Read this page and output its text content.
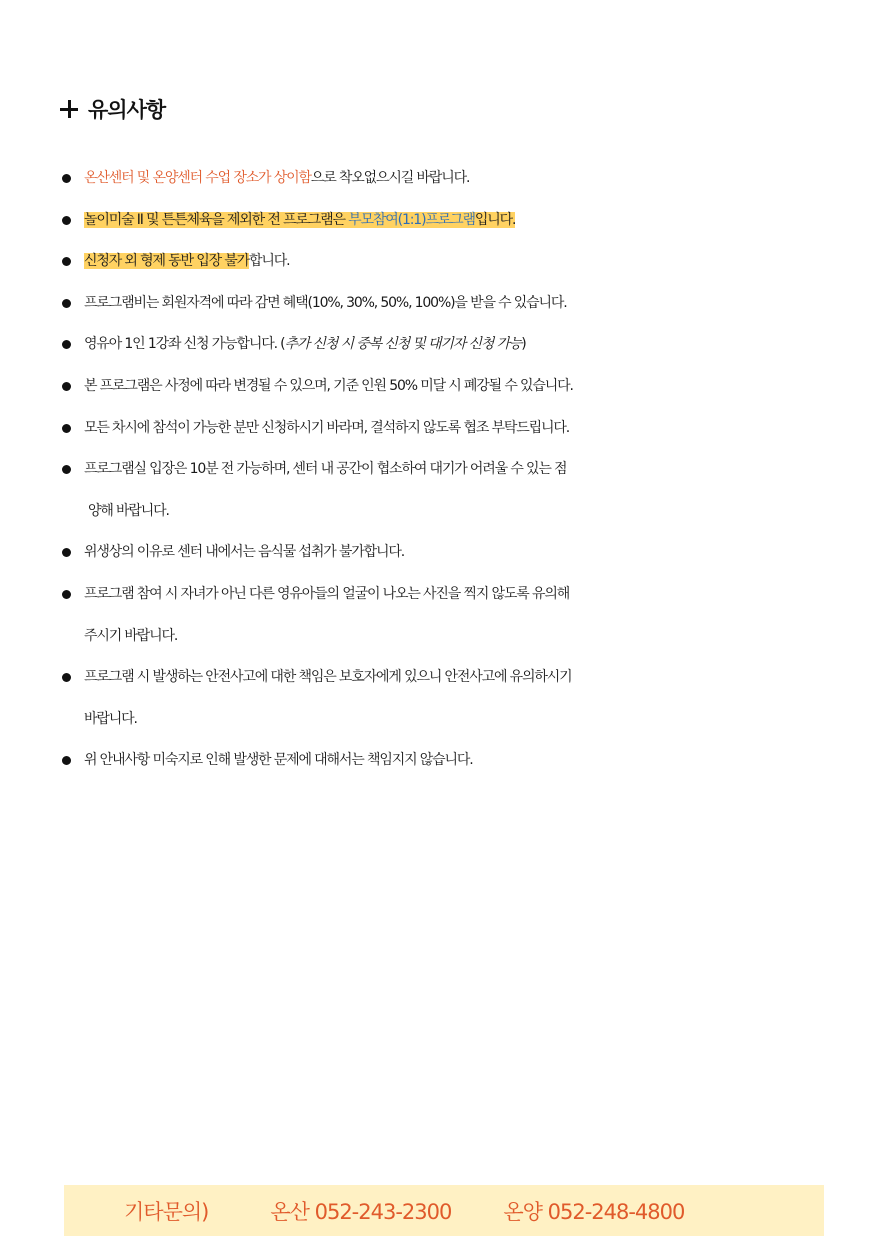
유의사항
온산센터 및 온양센터 수업 장소가 상이함으로 착오없으시길 바랍니다.
놀이미술 II 및 튼튼체육을 제외한 전 프로그램은 부모참여(1:1)프로그램입니다.
신청자 외 형제 동반 입장 불가합니다.
프로그램비는 회원자격에 따라 감면 혜택(10%, 30%, 50%, 100%)을 받을 수 있습니다.
영유아 1인 1강좌 신청 가능합니다. (추가 신청 시 중복 신청 및 대기자 신청 가능)
본 프로그램은 사정에 따라 변경될 수 있으며, 기준 인원 50% 미달 시 폐강될 수 있습니다.
모든 차시에 참석이 가능한 분만 신청하시기 바라며, 결석하지 않도록 협조 부탁드립니다.
프로그램실 입장은 10분 전 가능하며, 센터 내 공간이 협소하여 대기가 어려울 수 있는 점
양해 바랍니다.
위생상의 이유로 센터 내에서는 음식물 섭취가 불가합니다.
프로그램 참여 시 자녀가 아닌 다른 영유아들의 얼굴이 나오는 사진을 찍지 않도록 유의해
주시기 바랍니다.
프로그램 시 발생하는 안전사고에 대한 책임은 보호자에게 있으니 안전사고에 유의하시기
바랍니다.
위 안내사항 미숙지로 인해 발생한 문제에 대해서는 책임지지 않습니다.
기타문의)	온산 052-243-2300 온양 052-248-4800
